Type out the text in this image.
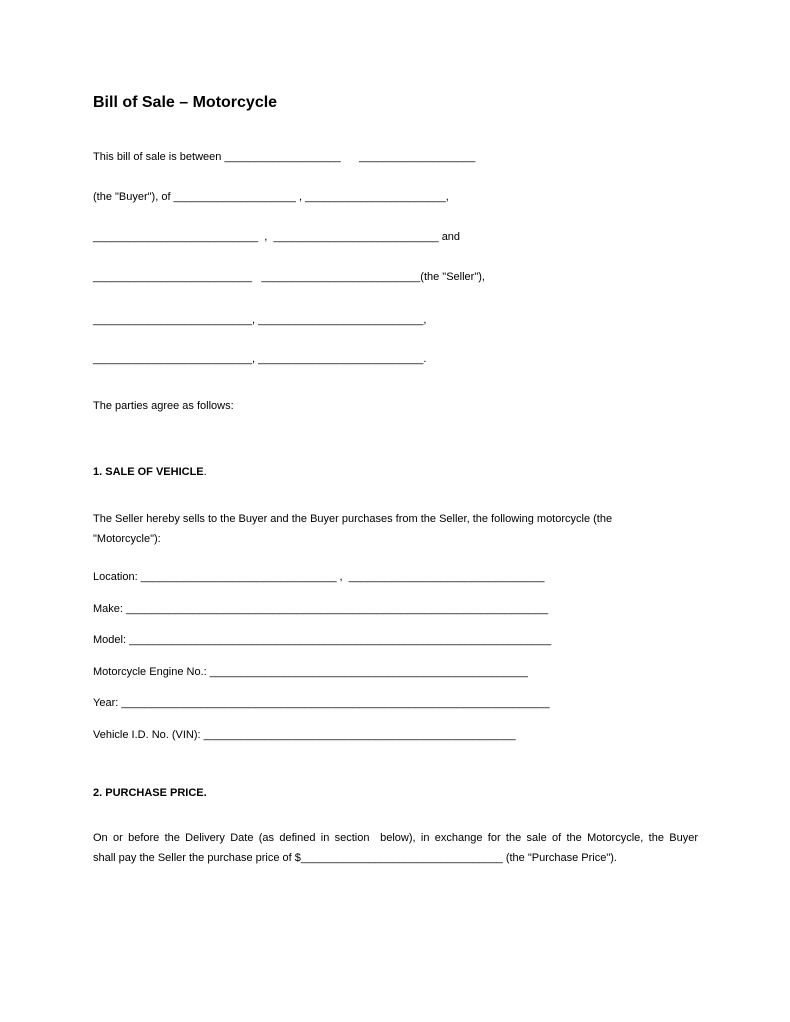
Bill of Sale – Motorcycle
This bill of sale is between ___________________      ___________________
(the "Buyer"), of ____________________ , _______________________,
___________________________  ,  ___________________________ and
__________________________   __________________________(the "Seller"),
__________________________, ___________________________,
__________________________, ___________________________.
The parties agree as follows:
1. SALE OF VEHICLE.
The Seller hereby sells to the Buyer and the Buyer purchases from the Seller, the following motorcycle (the
"Motorcycle"):
Location: ________________________________ ,  ________________________________
Make: _____________________________________________________________________
Model: _____________________________________________________________________
Motorcycle Engine No.: ____________________________________________________
Year: ______________________________________________________________________
Vehicle I.D. No. (VIN): ___________________________________________________
2. PURCHASE PRICE.
On or before the Delivery Date (as defined in section  below), in exchange for the sale of the Motorcycle, the Buyer
shall pay the Seller the purchase price of $_________________________________ (the "Purchase Price").
